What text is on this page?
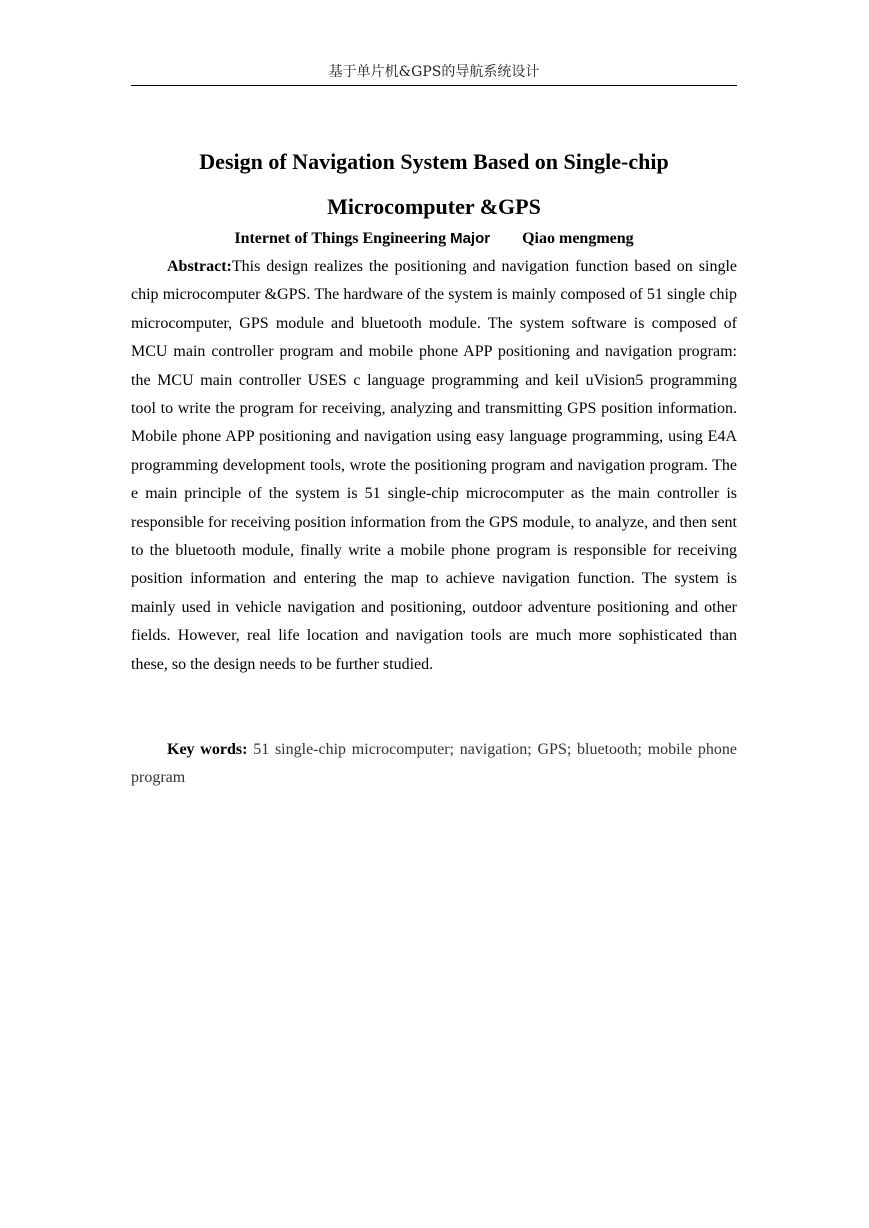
基于单片机&GPS的导航系统设计
Design of Navigation System Based on Single-chip
Microcomputer &GPS
Internet of Things Engineering Major Qiao mengmeng

Abstract:This design realizes the positioning and navigation function based on single chip microcomputer &GPS. The hardware of the system is mainly composed of 51 single chip microcomputer, GPS module and bluetooth module. The system software is composed of MCU main controller program and mobile phone APP positioning and navigation program: the MCU main controller USES c language programming and keil uVision5 programming tool to write the program for receiving, analyzing and transmitting GPS position information. Mobile phone APP positioning and navigation using easy language programming, using E4A programming development tools, wrote the positioning program and navigation program. The e main principle of the system is 51 single-chip microcomputer as the main controller is responsible for receiving position information from the GPS module, to analyze, and then sent to the bluetooth module, finally write a mobile phone program is responsible for receiving position information and entering the map to achieve navigation function. The system is mainly used in vehicle navigation and positioning, outdoor adventure positioning and other fields. However, real life location and navigation tools are much more sophisticated than these, so the design needs to be further studied.

Key words: 51 single-chip microcomputer; navigation; GPS; bluetooth; mobile phone program
